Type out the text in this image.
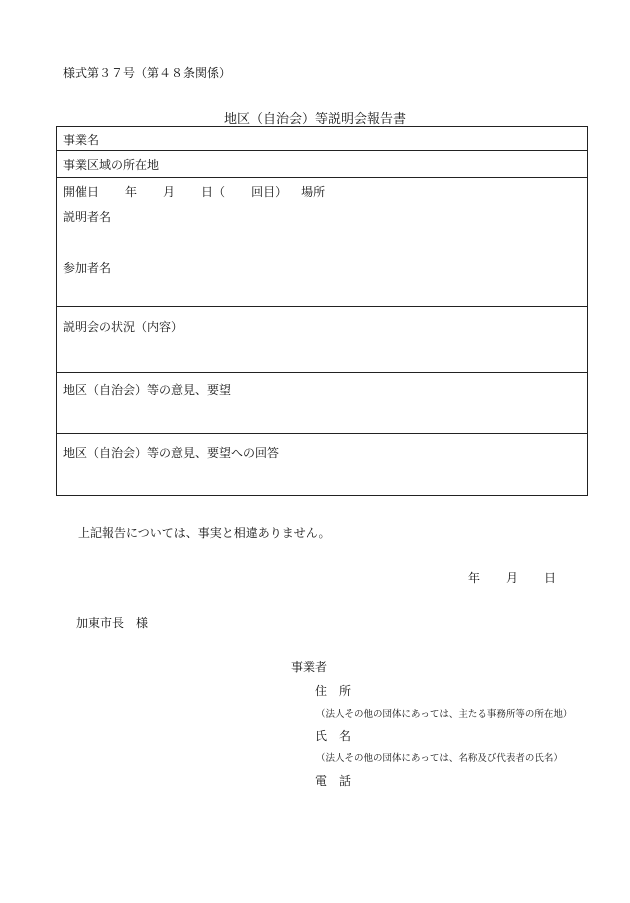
様式第３７号（第４８条関係）
地区（自治会）等説明会報告書
事業名
事業区域の所在地
開催日 年 月 日（ 回目） 場所
説明者名
参加者名
説明会の状況（内容）
地区（自治会）等の意見、要望
地区（自治会）等の意見、要望への回答
上記報告については、事実と相違ありません。
年 月 日
加東市長　様
事業者
住　所
（法人その他の団体にあっては、主たる事務所等の所在地）
氏　名
（法人その他の団体にあっては、名称及び代表者の氏名）
電　話
